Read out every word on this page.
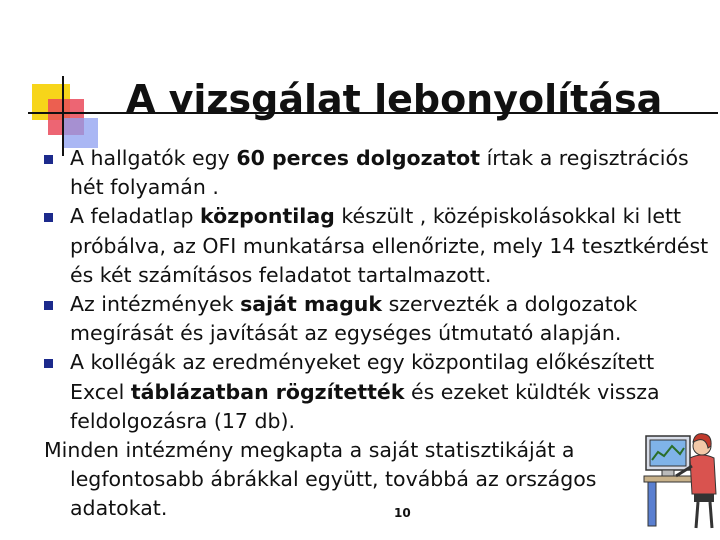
A vizsgálat lebonyolítása

A hallgatók egy 60 perces dolgozatot írtak a regisztrációs hét folyamán .

A feladatlap központilag készült , középiskolásokkal ki lett próbálva, az OFI munkatársa ellenőrizte, mely 14 tesztkérdést és két számításos feladatot tartalmazott.

Az intézmények saját maguk szervezték a dolgozatok megírását és javítását az egységes útmutató alapján.

A kollégák az eredményeket egy központilag előkészített

Excel táblázatban rögzítették és ezeket küldték vissza feldolgozásra (17 db).
Minden intézmény megkapta a saját statisztikáját a
legfontosabb ábrákkal együtt, továbbá az országos adatokat.	10
